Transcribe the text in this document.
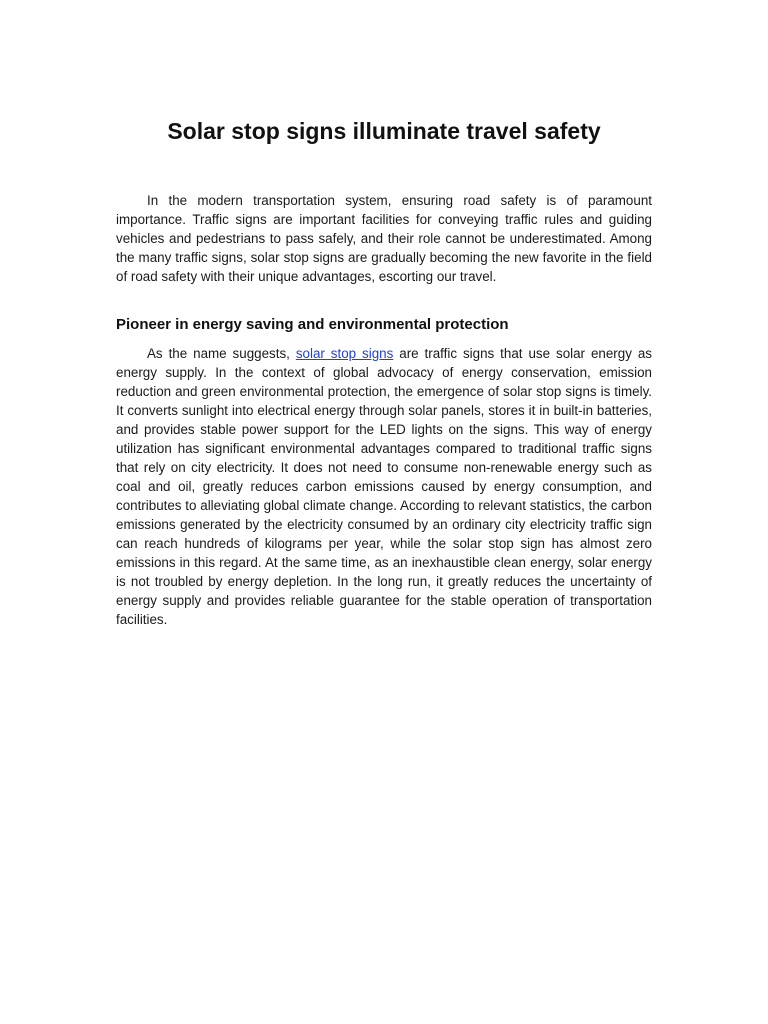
Solar stop signs illuminate travel safety

In the modern transportation system, ensuring road safety is of paramount importance. Traffic signs are important facilities for conveying traffic rules and guiding vehicles and pedestrians to pass safely, and their role cannot be underestimated. Among the many traffic signs, solar stop signs are gradually becoming the new favorite in the field of road safety with their unique advantages, escorting our travel.

Pioneer in energy saving and environmental protection

As the name suggests, solar stop signs are traffic signs that use solar energy as energy supply. In the context of global advocacy of energy conservation, emission reduction and green environmental protection, the emergence of solar stop signs is timely. It converts sunlight into electrical energy through solar panels, stores it in built-in batteries, and provides stable power support for the LED lights on the signs. This way of energy utilization has significant environmental advantages compared to traditional traffic signs that rely on city electricity. It does not need to consume non-renewable energy such as coal and oil, greatly reduces carbon emissions caused by energy consumption, and contributes to alleviating global climate change. According to relevant statistics, the carbon emissions generated by the electricity consumed by an ordinary city electricity traffic sign can reach hundreds of kilograms per year, while the solar stop sign has almost zero emissions in this regard. At the same time, as an inexhaustible clean energy, solar energy is not troubled by energy depletion. In the long run, it greatly reduces the uncertainty of energy supply and provides reliable guarantee for the stable operation of transportation facilities.
